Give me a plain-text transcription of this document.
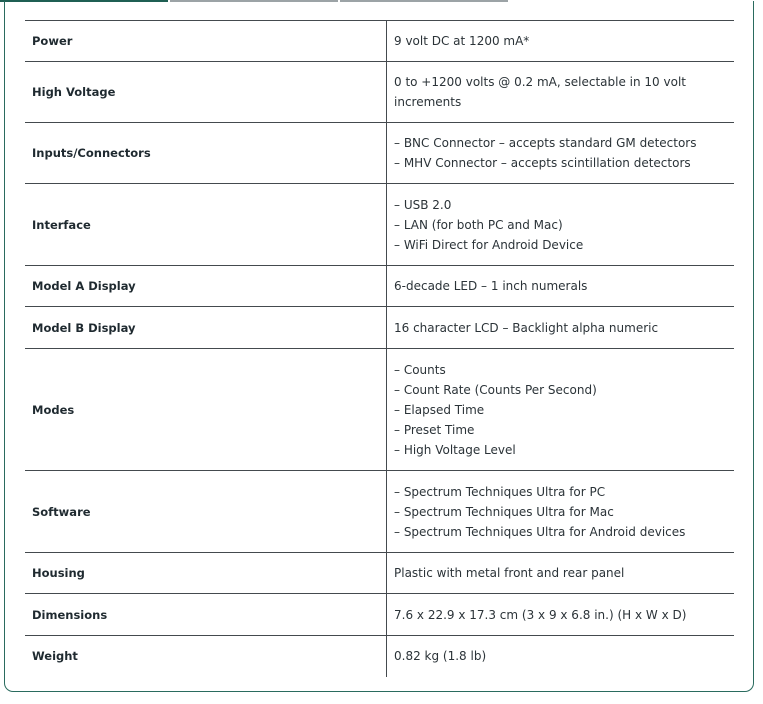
Power	9 volt DC at 1200 mA*

High Voltage	0 to +1200 volts @ 0.2 mA, selectable in 10 volt
increments

Inputs/Connectors	– BNC Connector – accepts standard GM detectors
– MHV Connector – accepts scintillation detectors

Interface	– USB 2.0
– LAN (for both PC and Mac)
– WiFi Direct for Android Device

Model A Display	6-decade LED – 1 inch numerals

Model B Display	16 character LCD – Backlight alpha numeric

Modes	– Counts
– Count Rate (Counts Per Second)
– Elapsed Time
– Preset Time
– High Voltage Level

Software	– Spectrum Techniques Ultra for PC
– Spectrum Techniques Ultra for Mac
– Spectrum Techniques Ultra for Android devices

Housing	Plastic with metal front and rear panel

Dimensions	7.6 x 22.9 x 17.3 cm (3 x 9 x 6.8 in.) (H x W x D)

Weight	0.82 kg (1.8 lb)
